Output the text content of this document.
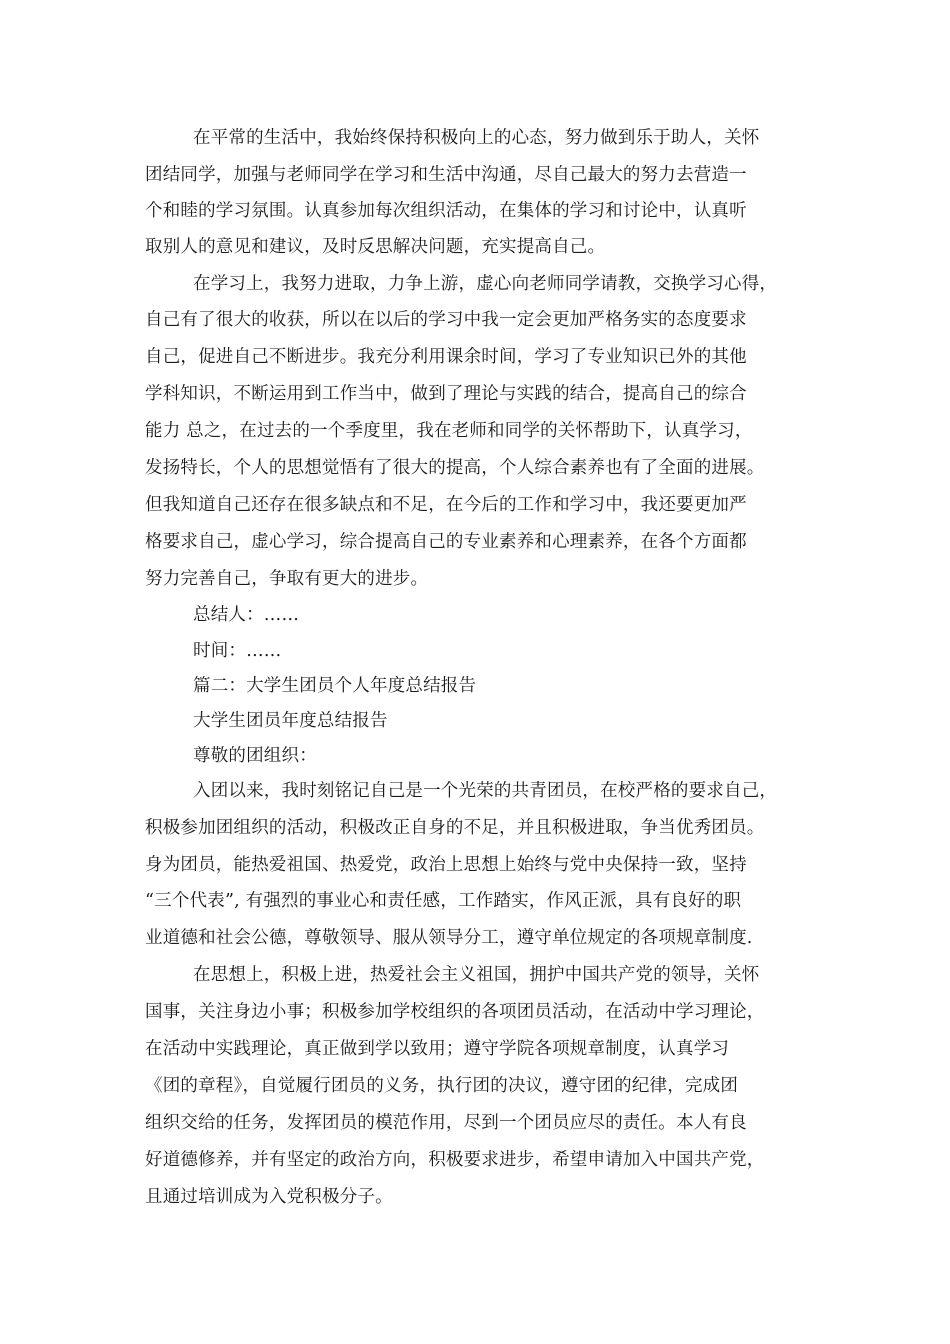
在平常的生活中，我始终保持积极向上的心态，努力做到乐于助人，关怀
团结同学，加强与老师同学在学习和生活中沟通，尽自己最大的努力去营造一
个和睦的学习氛围。认真参加每次组织活动，在集体的学习和讨论中，认真听
取别人的意见和建议，及时反思解决问题，充实提高自己。
在学习上，我努力进取，力争上游，虚心向老师同学请教，交换学习心得，
自己有了很大的收获，所以在以后的学习中我一定会更加严格务实的态度要求
自己，促进自己不断进步。我充分利用课余时间，学习了专业知识已外的其他
学科知识，不断运用到工作当中，做到了理论与实践的结合，提高自己的综合
能力 总之，在过去的一个季度里，我在老师和同学的关怀帮助下，认真学习，
发扬特长，个人的思想觉悟有了很大的提高，个人综合素养也有了全面的进展。
但我知道自己还存在很多缺点和不足，在今后的工作和学习中，我还要更加严
格要求自己，虚心学习，综合提高自己的专业素养和心理素养，在各个方面都
努力完善自己，争取有更大的进步。
总结人：……
时间：……
篇二：大学生团员个人年度总结报告
大学生团员年度总结报告
尊敬的团组织：
入团以来，我时刻铭记自己是一个光荣的共青团员，在校严格的要求自己，
积极参加团组织的活动，积极改正自身的不足，并且积极进取，争当优秀团员。
身为团员，能热爱祖国、热爱党，政治上思想上始终与党中央保持一致，坚持
“三个代表”, 有强烈的事业心和责任感，工作踏实，作风正派，具有良好的职
业道德和社会公德，尊敬领导、服从领导分工，遵守单位规定的各项规章制度.
在思想上，积极上进，热爱社会主义祖国，拥护中国共产党的领导，关怀
国事，关注身边小事；积极参加学校组织的各项团员活动，在活动中学习理论，
在活动中实践理论，真正做到学以致用；遵守学院各项规章制度，认真学习
《团的章程》，自觉履行团员的义务，执行团的决议，遵守团的纪律，完成团
组织交给的任务，发挥团员的模范作用，尽到一个团员应尽的责任。本人有良
好道德修养，并有坚定的政治方向，积极要求进步，希望申请加入中国共产党，
且通过培训成为入党积极分子。
